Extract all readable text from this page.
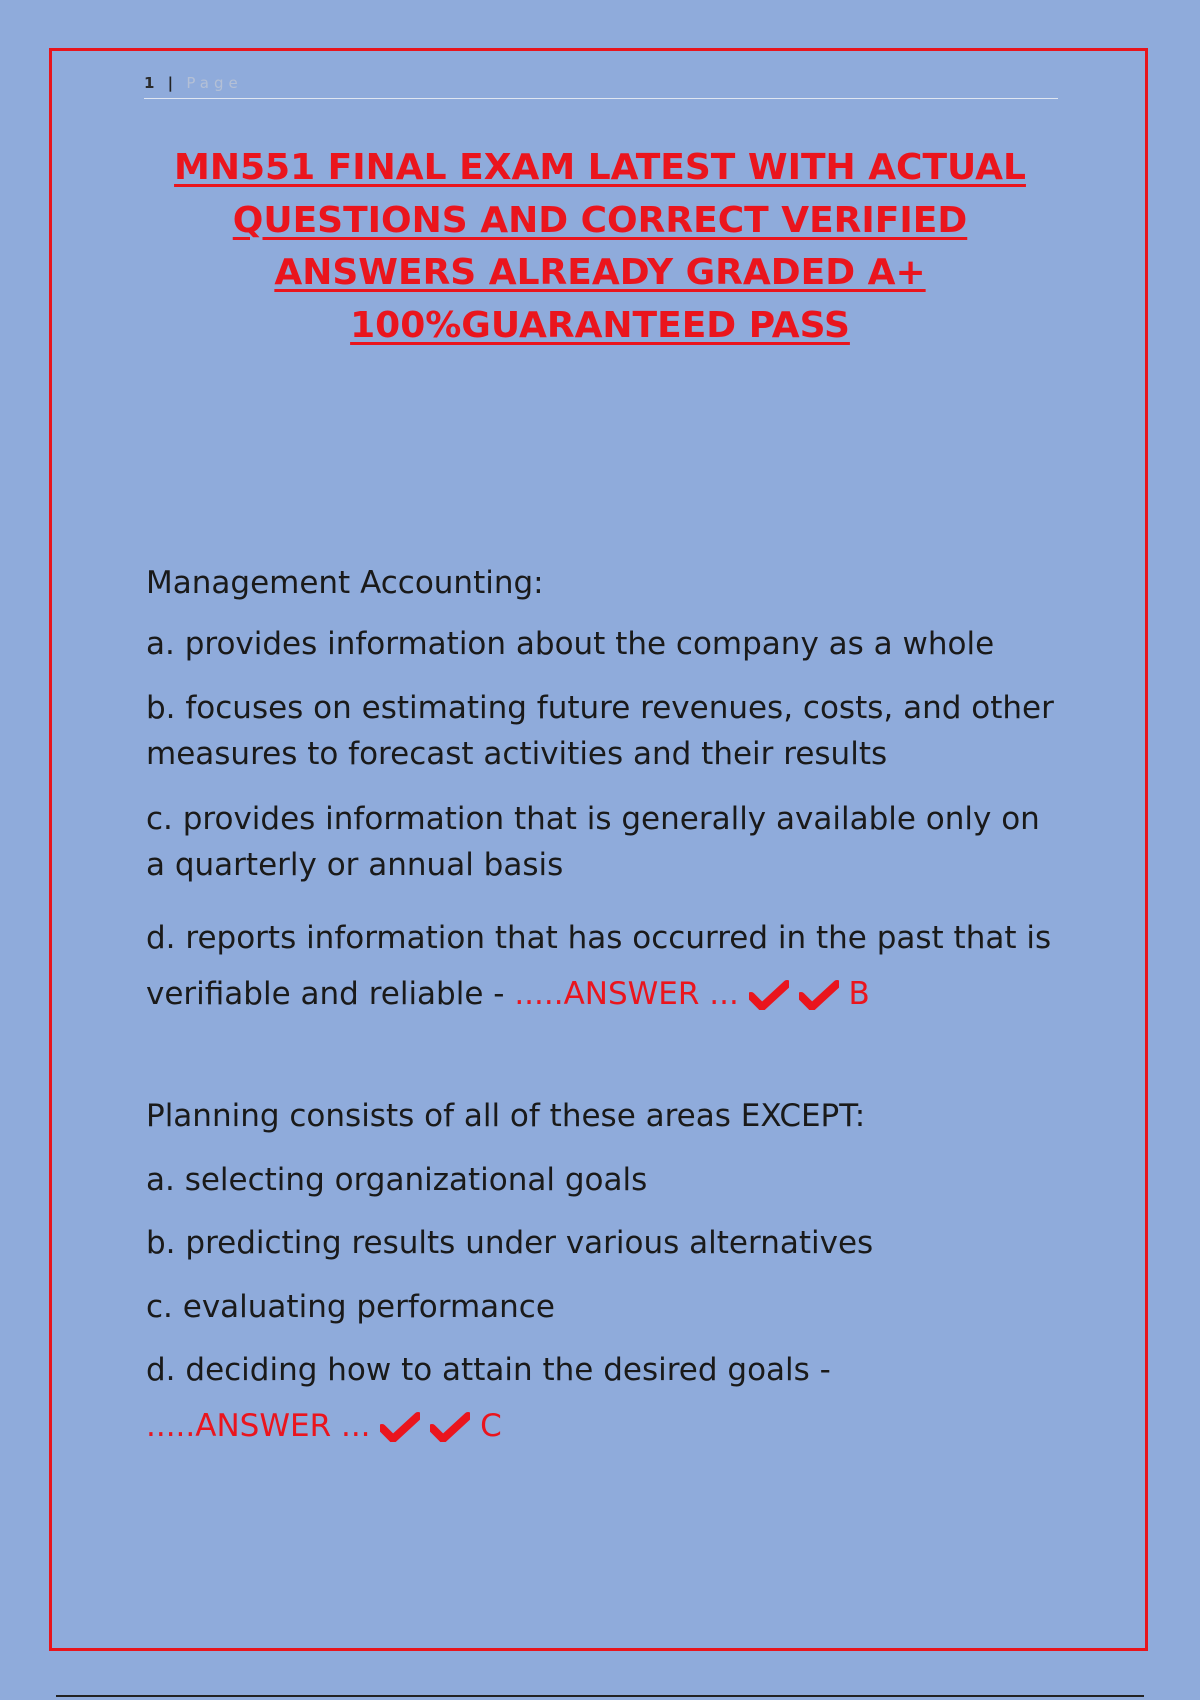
1 | Page
MN551 FINAL EXAM LATEST WITH ACTUAL QUESTIONS AND CORRECT VERIFIED ANSWERS ALREADY GRADED A+ 100%GUARANTEED PASS

Management Accounting:

a. provides information about the company as a whole

b. focuses on estimating future revenues, costs, and other measures to forecast activities and their results

c. provides information that is generally available only on a quarterly or annual basis

d. reports information that has occurred in the past that is verifiable and reliable - .....ANSWER ...	B

Planning consists of all of these areas EXCEPT:

a. selecting organizational goals

b. predicting results under various alternatives

c. evaluating performance

d. deciding how to attain the desired goals -

.....ANSWER ...	C
